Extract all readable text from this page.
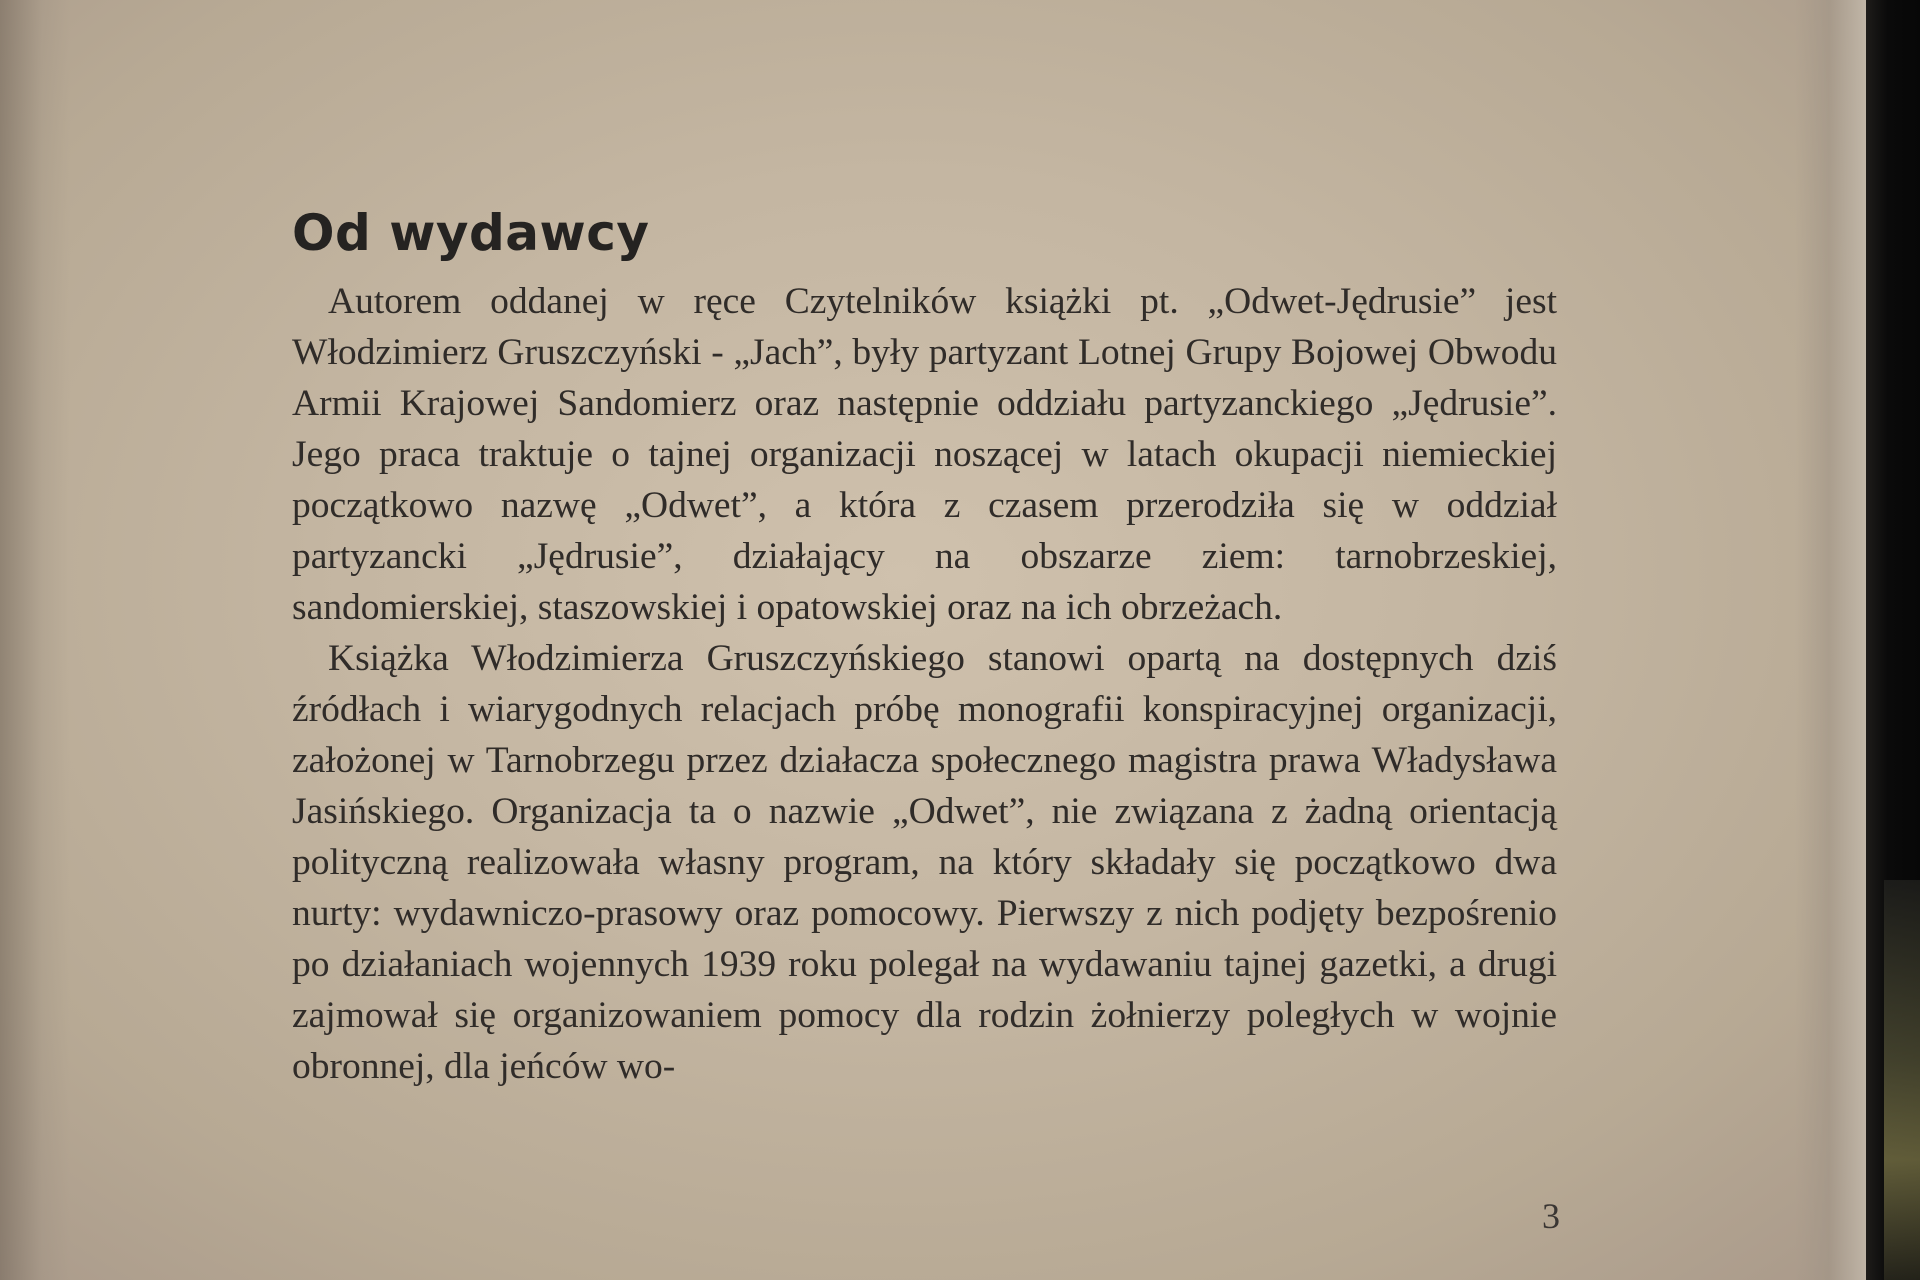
Od wydawcy

Autorem oddanej w ręce Czytelników książki pt. „Odwet-Jędrusie” jest Włodzimierz Gruszczyński - „Jach”, były partyzant Lotnej Grupy Bojowej Obwodu Armii Krajowej Sandomierz oraz następnie oddziału partyzanckiego „Jędrusie”. Jego praca traktuje o tajnej organizacji noszącej w latach okupacji niemieckiej początkowo nazwę „Odwet”, a która z czasem przerodziła się w oddział partyzancki „Jędrusie”, działający na obszarze ziem: tarnobrzeskiej, sandomierskiej, staszowskiej i opatowskiej oraz na ich obrzeżach.

Książka Włodzimierza Gruszczyńskiego stanowi opartą na dostępnych dziś źródłach i wiarygodnych relacjach próbę monografii konspiracyjnej organizacji, założonej w Tarnobrzegu przez działacza społecznego magistra prawa Władysława Jasińskiego. Organizacja ta o nazwie „Odwet”, nie związana z żadną orientacją polityczną realizowała własny program, na który składały się początkowo dwa nurty: wydawniczo-prasowy oraz pomocowy. Pierwszy z nich podjęty bezpośrenio po działaniach wojennych 1939 roku polegał na wydawaniu tajnej gazetki, a drugi zajmował się organizowaniem pomocy dla rodzin żołnierzy poległych w wojnie obronnej, dla jeńców wo-

3
